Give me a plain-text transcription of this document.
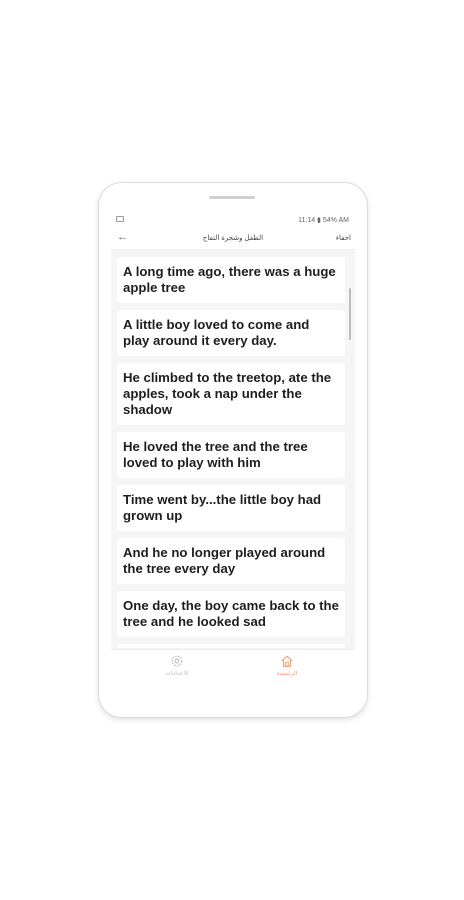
‏54% ▮ 11:14 AM
←	الطفل وشجرة التفاح	اخفاء
A long time ago, there was a huge apple tree
A little boy loved to come and play around it every day.
He climbed to the treetop, ate the apples, took a nap under the shadow
He loved the tree and the tree loved to play with him
Time went by...the little boy had grown up
And he no longer played around the tree every day
One day, the boy came back to the tree and he looked sad
الاعدادات	الرئيسية
